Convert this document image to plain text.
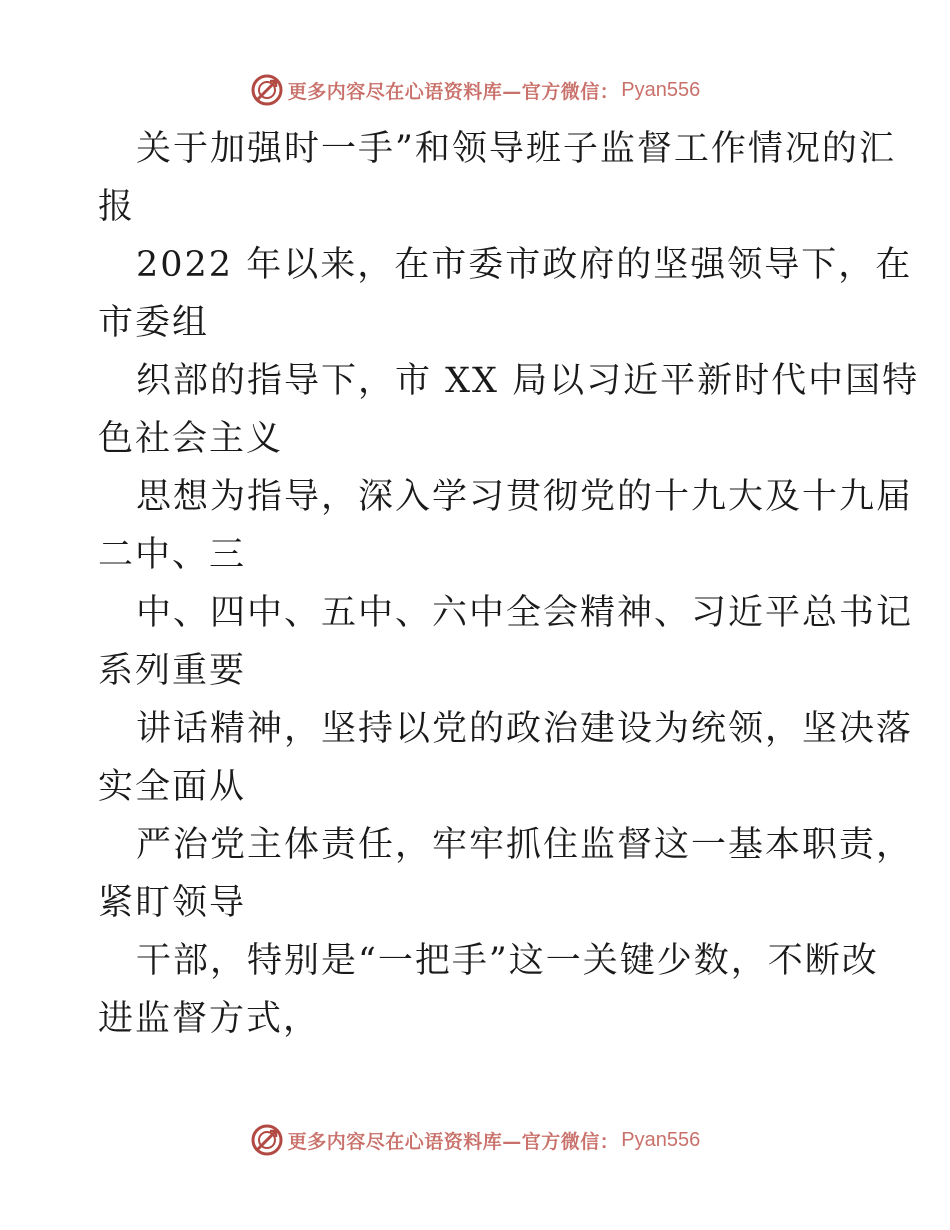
更多内容尽在心语资料库—官方微信： Pyan556
关于加强时一手”和领导班子监督工作情况的汇
报
2022 年以来，在市委市政府的坚强领导下，在
市委组
织部的指导下，市 XX 局以习近平新时代中国特
色社会主义
思想为指导，深入学习贯彻党的十九大及十九届
二中、三
中、四中、五中、六中全会精神、习近平总书记
系列重要
讲话精神，坚持以党的政治建设为统领，坚决落
实全面从
严治党主体责任，牢牢抓住监督这一基本职责，
紧盯领导
干部，特别是“一把手”这一关键少数，不断改
进监督方式，
更多内容尽在心语资料库—官方微信： Pyan556
